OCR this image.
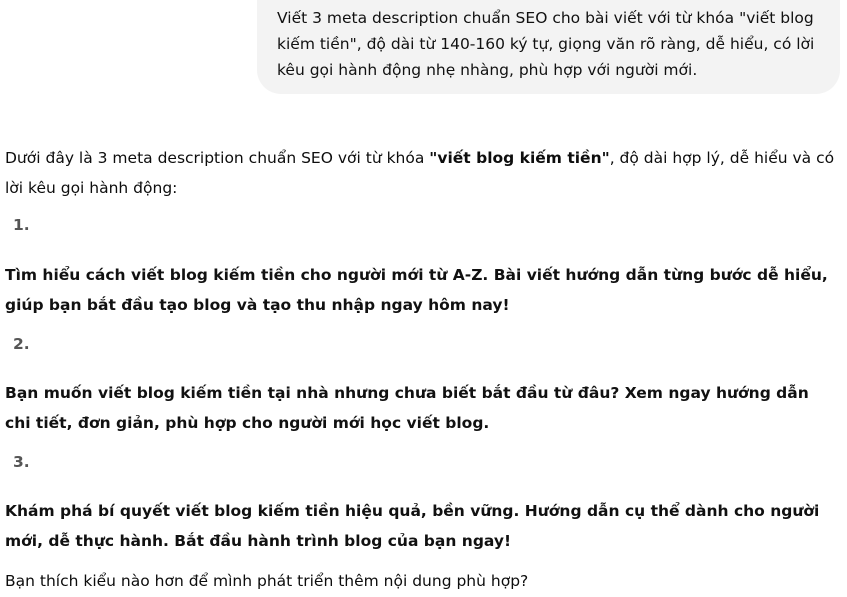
Viết 3 meta description chuẩn SEO cho bài viết với từ khóa "viết blog kiếm tiền", độ dài từ 140-160 ký tự, giọng văn rõ ràng, dễ hiểu, có lời kêu gọi hành động nhẹ nhàng, phù hợp với người mới.
Dưới đây là 3 meta description chuẩn SEO với từ khóa "viết blog kiếm tiền", độ dài hợp lý, dễ hiểu và có lời kêu gọi hành động:
1.
Tìm hiểu cách viết blog kiếm tiền cho người mới từ A-Z. Bài viết hướng dẫn từng bước dễ hiểu, giúp bạn bắt đầu tạo blog và tạo thu nhập ngay hôm nay!
2.
Bạn muốn viết blog kiếm tiền tại nhà nhưng chưa biết bắt đầu từ đâu? Xem ngay hướng dẫn chi tiết, đơn giản, phù hợp cho người mới học viết blog.
3.
Khám phá bí quyết viết blog kiếm tiền hiệu quả, bền vững. Hướng dẫn cụ thể dành cho người mới, dễ thực hành. Bắt đầu hành trình blog của bạn ngay!
Bạn thích kiểu nào hơn để mình phát triển thêm nội dung phù hợp?
